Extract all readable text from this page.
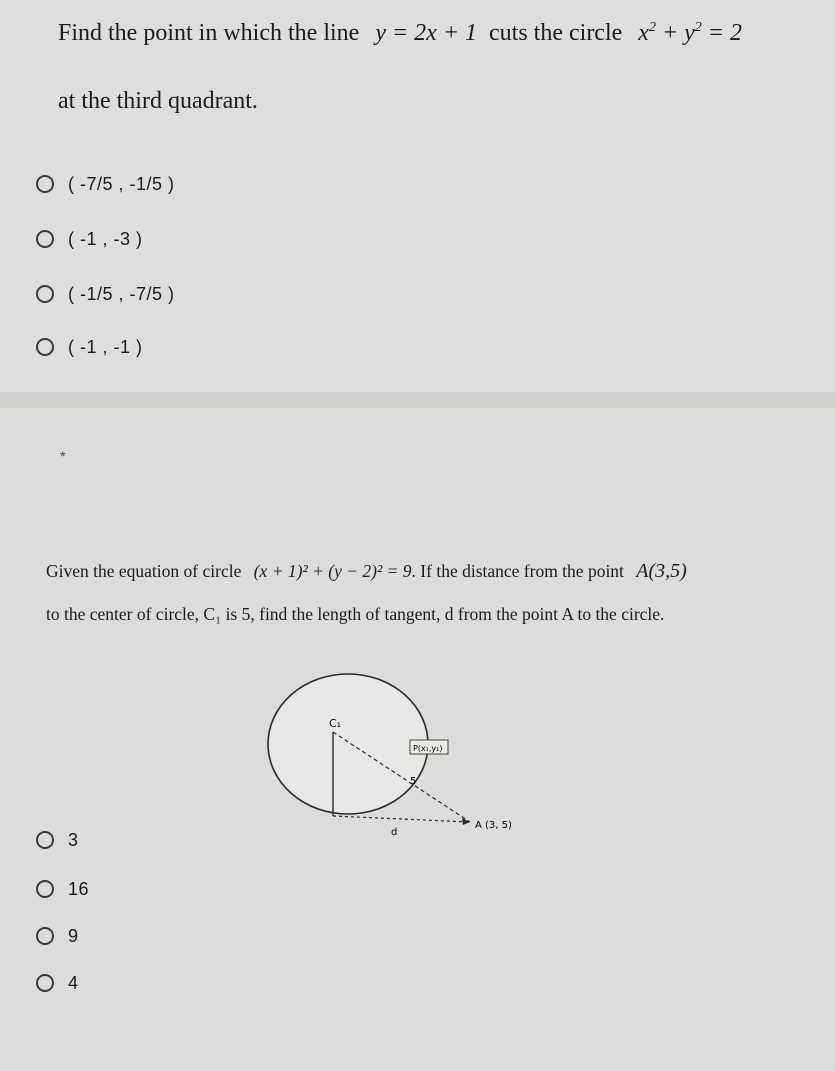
Find the point in which the line y = 2x + 1 cuts the circle $x^2 + y^2 = 2$
at the third quadrant.
( -7/5 , -1/5 )
( -1 , -3 )
( -1/5 , -7/5 )
( -1 , -1 )
*
Given the equation of circle (x + 1)² + (y − 2)² = 9. If the distance from the point A(3,5)
to the center of circle, C₁ is 5, find the length of tangent, d from the point A to the circle.
C₁
P(x₁,y₁)
5
d
A (3, 5)
3
16
9
4
